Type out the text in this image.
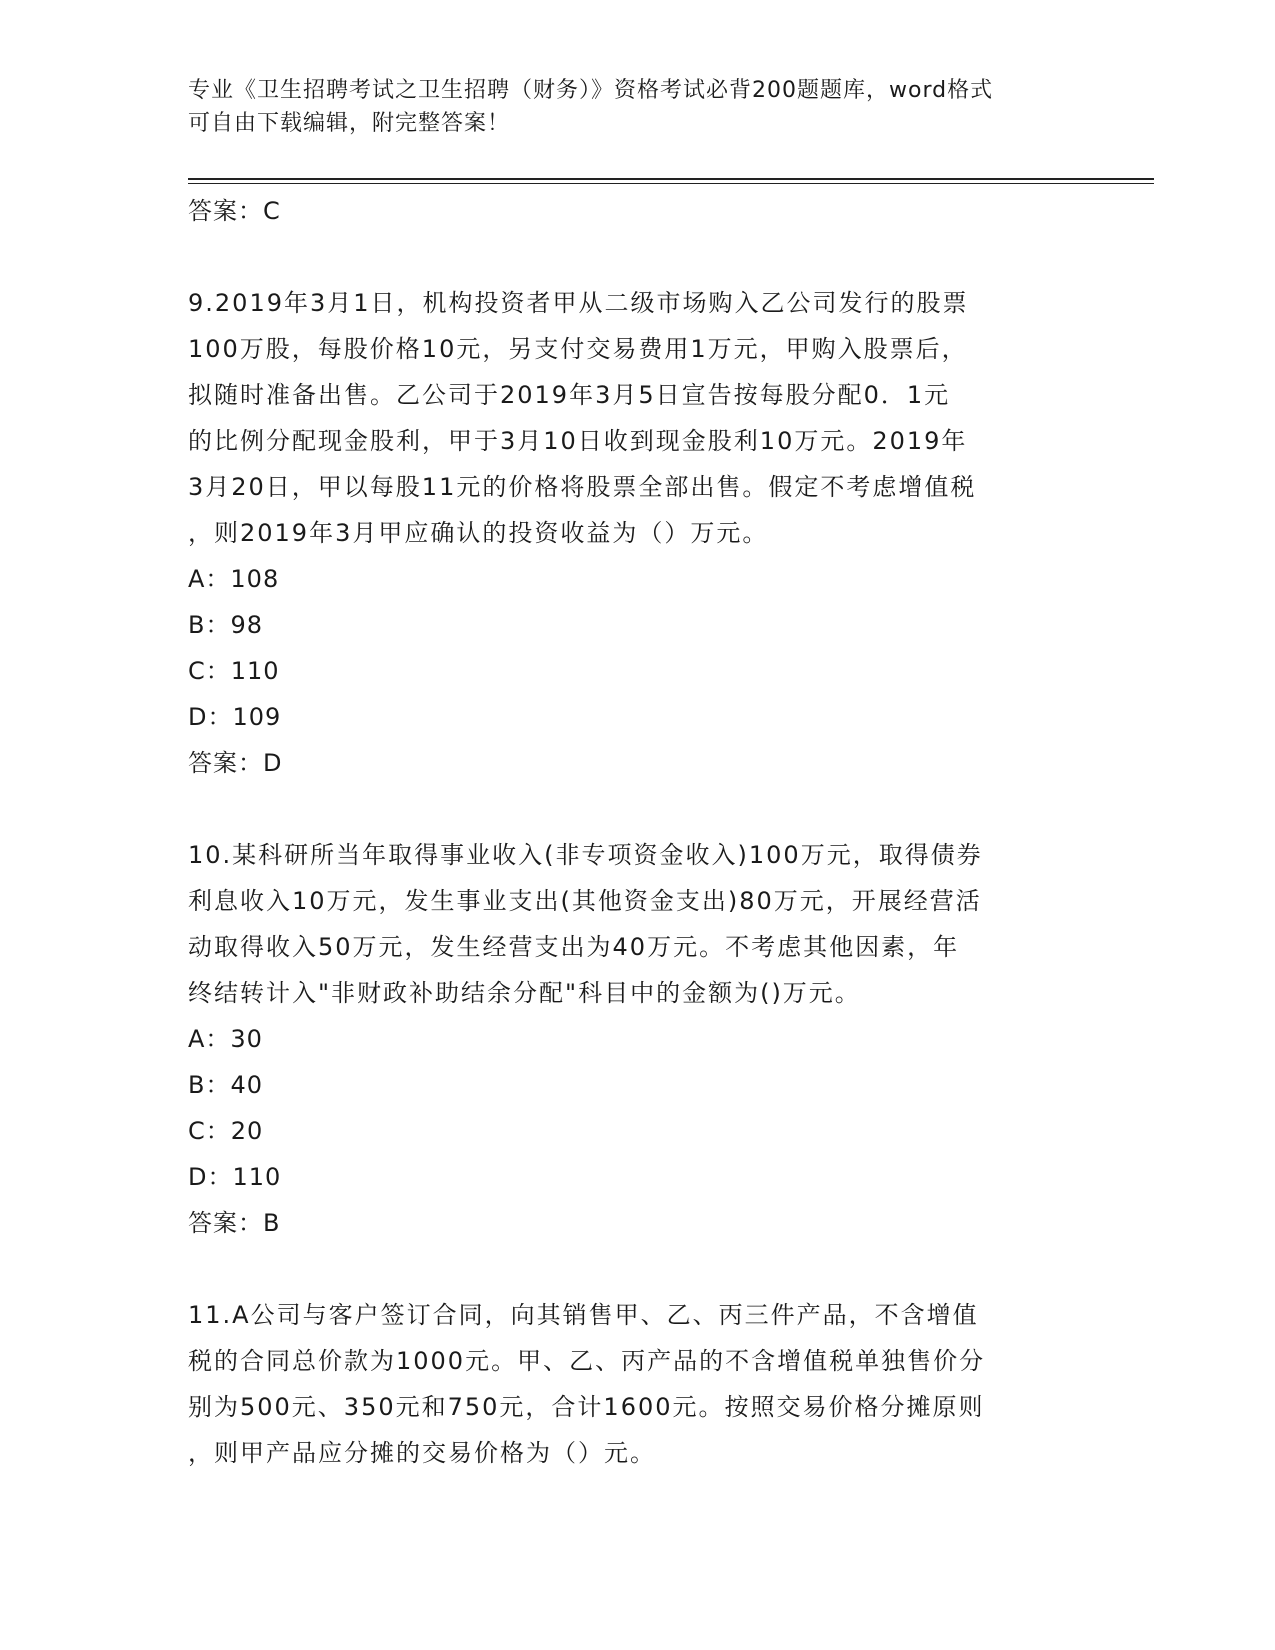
专业《卫生招聘考试之卫生招聘（财务）》资格考试必背200题题库，word格式
可自由下载编辑，附完整答案！
答案：C

9.2019年3月1日，机构投资者甲从二级市场购入乙公司发行的股票
100万股，每股价格10元，另支付交易费用1万元，甲购入股票后，
拟随时准备出售。乙公司于2019年3月5日宣告按每股分配0．1元
的比例分配现金股利，甲于3月10日收到现金股利10万元。2019年
3月20日，甲以每股11元的价格将股票全部出售。假定不考虑增值税
，则2019年3月甲应确认的投资收益为（）万元。

A：108
B：98
C：110
D：109
答案：D

10.某科研所当年取得事业收入(非专项资金收入)100万元，取得债券
利息收入10万元，发生事业支出(其他资金支出)80万元，开展经营活
动取得收入50万元，发生经营支出为40万元。不考虑其他因素，年
终结转计入"非财政补助结余分配"科目中的金额为()万元。

A：30
B：40
C：20
D：110
答案：B

11.A公司与客户签订合同，向其销售甲、乙、丙三件产品，不含增值
税的合同总价款为1000元。甲、乙、丙产品的不含增值税单独售价分
别为500元、350元和750元，合计1600元。按照交易价格分摊原则
，则甲产品应分摊的交易价格为（）元。
